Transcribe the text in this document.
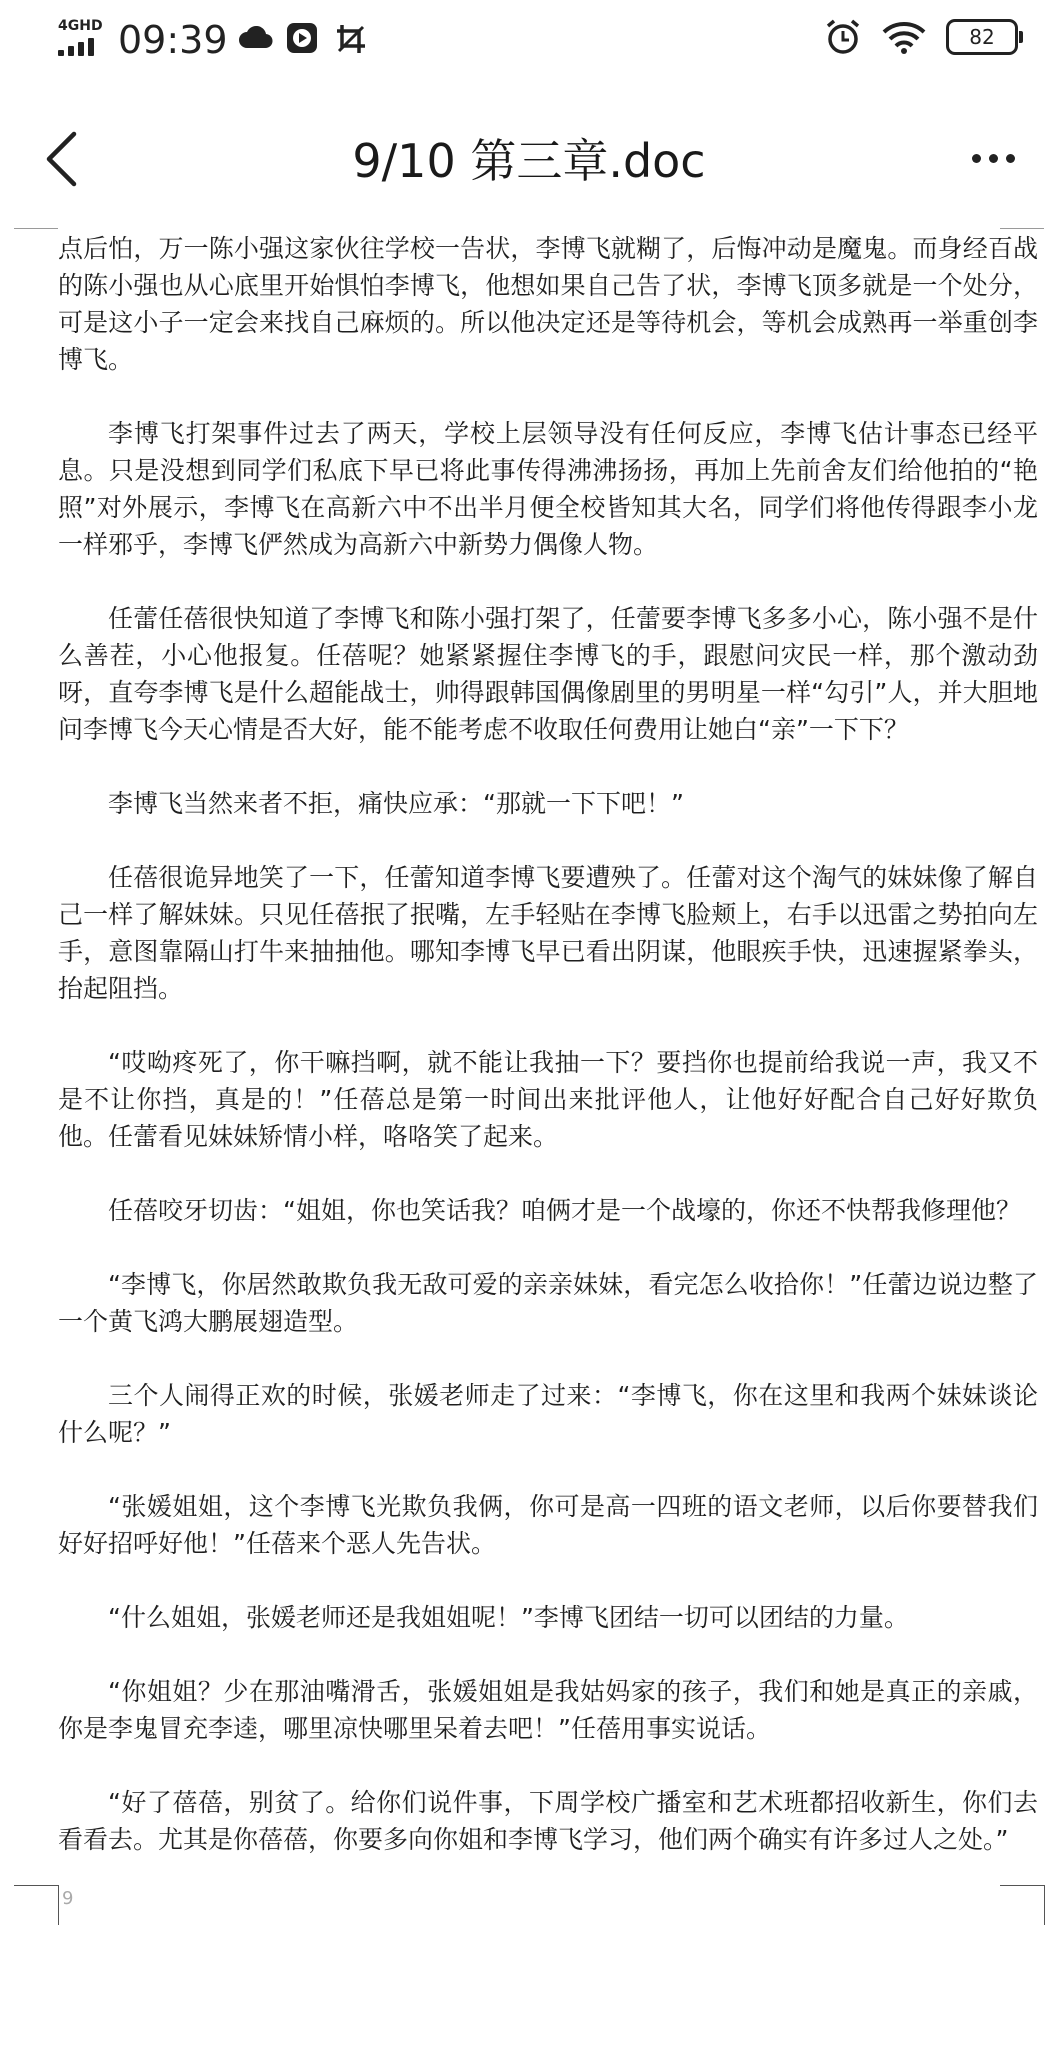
4GHD 09:39	82
9/10 第三章.doc

点后怕，万一陈小强这家伙往学校一告状，李博飞就糊了，后悔冲动是魔鬼。而身经百战的陈小强也从心底里开始惧怕李博飞，他想如果自己告了状，李博飞顶多就是一个处分，可是这小子一定会来找自己麻烦的。所以他决定还是等待机会，等机会成熟再一举重创李博飞。

李博飞打架事件过去了两天，学校上层领导没有任何反应，李博飞估计事态已经平息。只是没想到同学们私底下早已将此事传得沸沸扬扬，再加上先前舍友们给他拍的“艳照”对外展示，李博飞在高新六中不出半月便全校皆知其大名，同学们将他传得跟李小龙一样邪乎，李博飞俨然成为高新六中新势力偶像人物。

任蕾任蓓很快知道了李博飞和陈小强打架了，任蕾要李博飞多多小心，陈小强不是什么善茬，小心他报复。任蓓呢？她紧紧握住李博飞的手，跟慰问灾民一样，那个激动劲呀，直夸李博飞是什么超能战士，帅得跟韩国偶像剧里的男明星一样“勾引”人，并大胆地问李博飞今天心情是否大好，能不能考虑不收取任何费用让她白“亲”一下下？

李博飞当然来者不拒，痛快应承：“那就一下下吧！”

任蓓很诡异地笑了一下，任蕾知道李博飞要遭殃了。任蕾对这个淘气的妹妹像了解自己一样了解妹妹。只见任蓓抿了抿嘴，左手轻贴在李博飞脸颊上，右手以迅雷之势拍向左手，意图靠隔山打牛来抽抽他。哪知李博飞早已看出阴谋，他眼疾手快，迅速握紧拳头，抬起阻挡。

“哎呦疼死了，你干嘛挡啊，就不能让我抽一下？要挡你也提前给我说一声，我又不是不让你挡，真是的！”任蓓总是第一时间出来批评他人，让他好好配合自己好好欺负他。任蕾看见妹妹矫情小样，咯咯笑了起来。

任蓓咬牙切齿：“姐姐，你也笑话我？咱俩才是一个战壕的，你还不快帮我修理他？

“李博飞，你居然敢欺负我无敌可爱的亲亲妹妹，看完怎么收拾你！”任蕾边说边整了一个黄飞鸿大鹏展翅造型。

三个人闹得正欢的时候，张媛老师走了过来：“李博飞，你在这里和我两个妹妹谈论什么呢？”

“张媛姐姐，这个李博飞光欺负我俩，你可是高一四班的语文老师，以后你要替我们好好招呼好他！”任蓓来个恶人先告状。

“什么姐姐，张媛老师还是我姐姐呢！”李博飞团结一切可以团结的力量。

“你姐姐？少在那油嘴滑舌，张媛姐姐是我姑妈家的孩子，我们和她是真正的亲戚，你是李鬼冒充李逵，哪里凉快哪里呆着去吧！”任蓓用事实说话。

“好了蓓蓓，别贫了。给你们说件事，下周学校广播室和艺术班都招收新生，你们去看看去。尤其是你蓓蓓，你要多向你姐和李博飞学习，他们两个确实有许多过人之处。”

9
